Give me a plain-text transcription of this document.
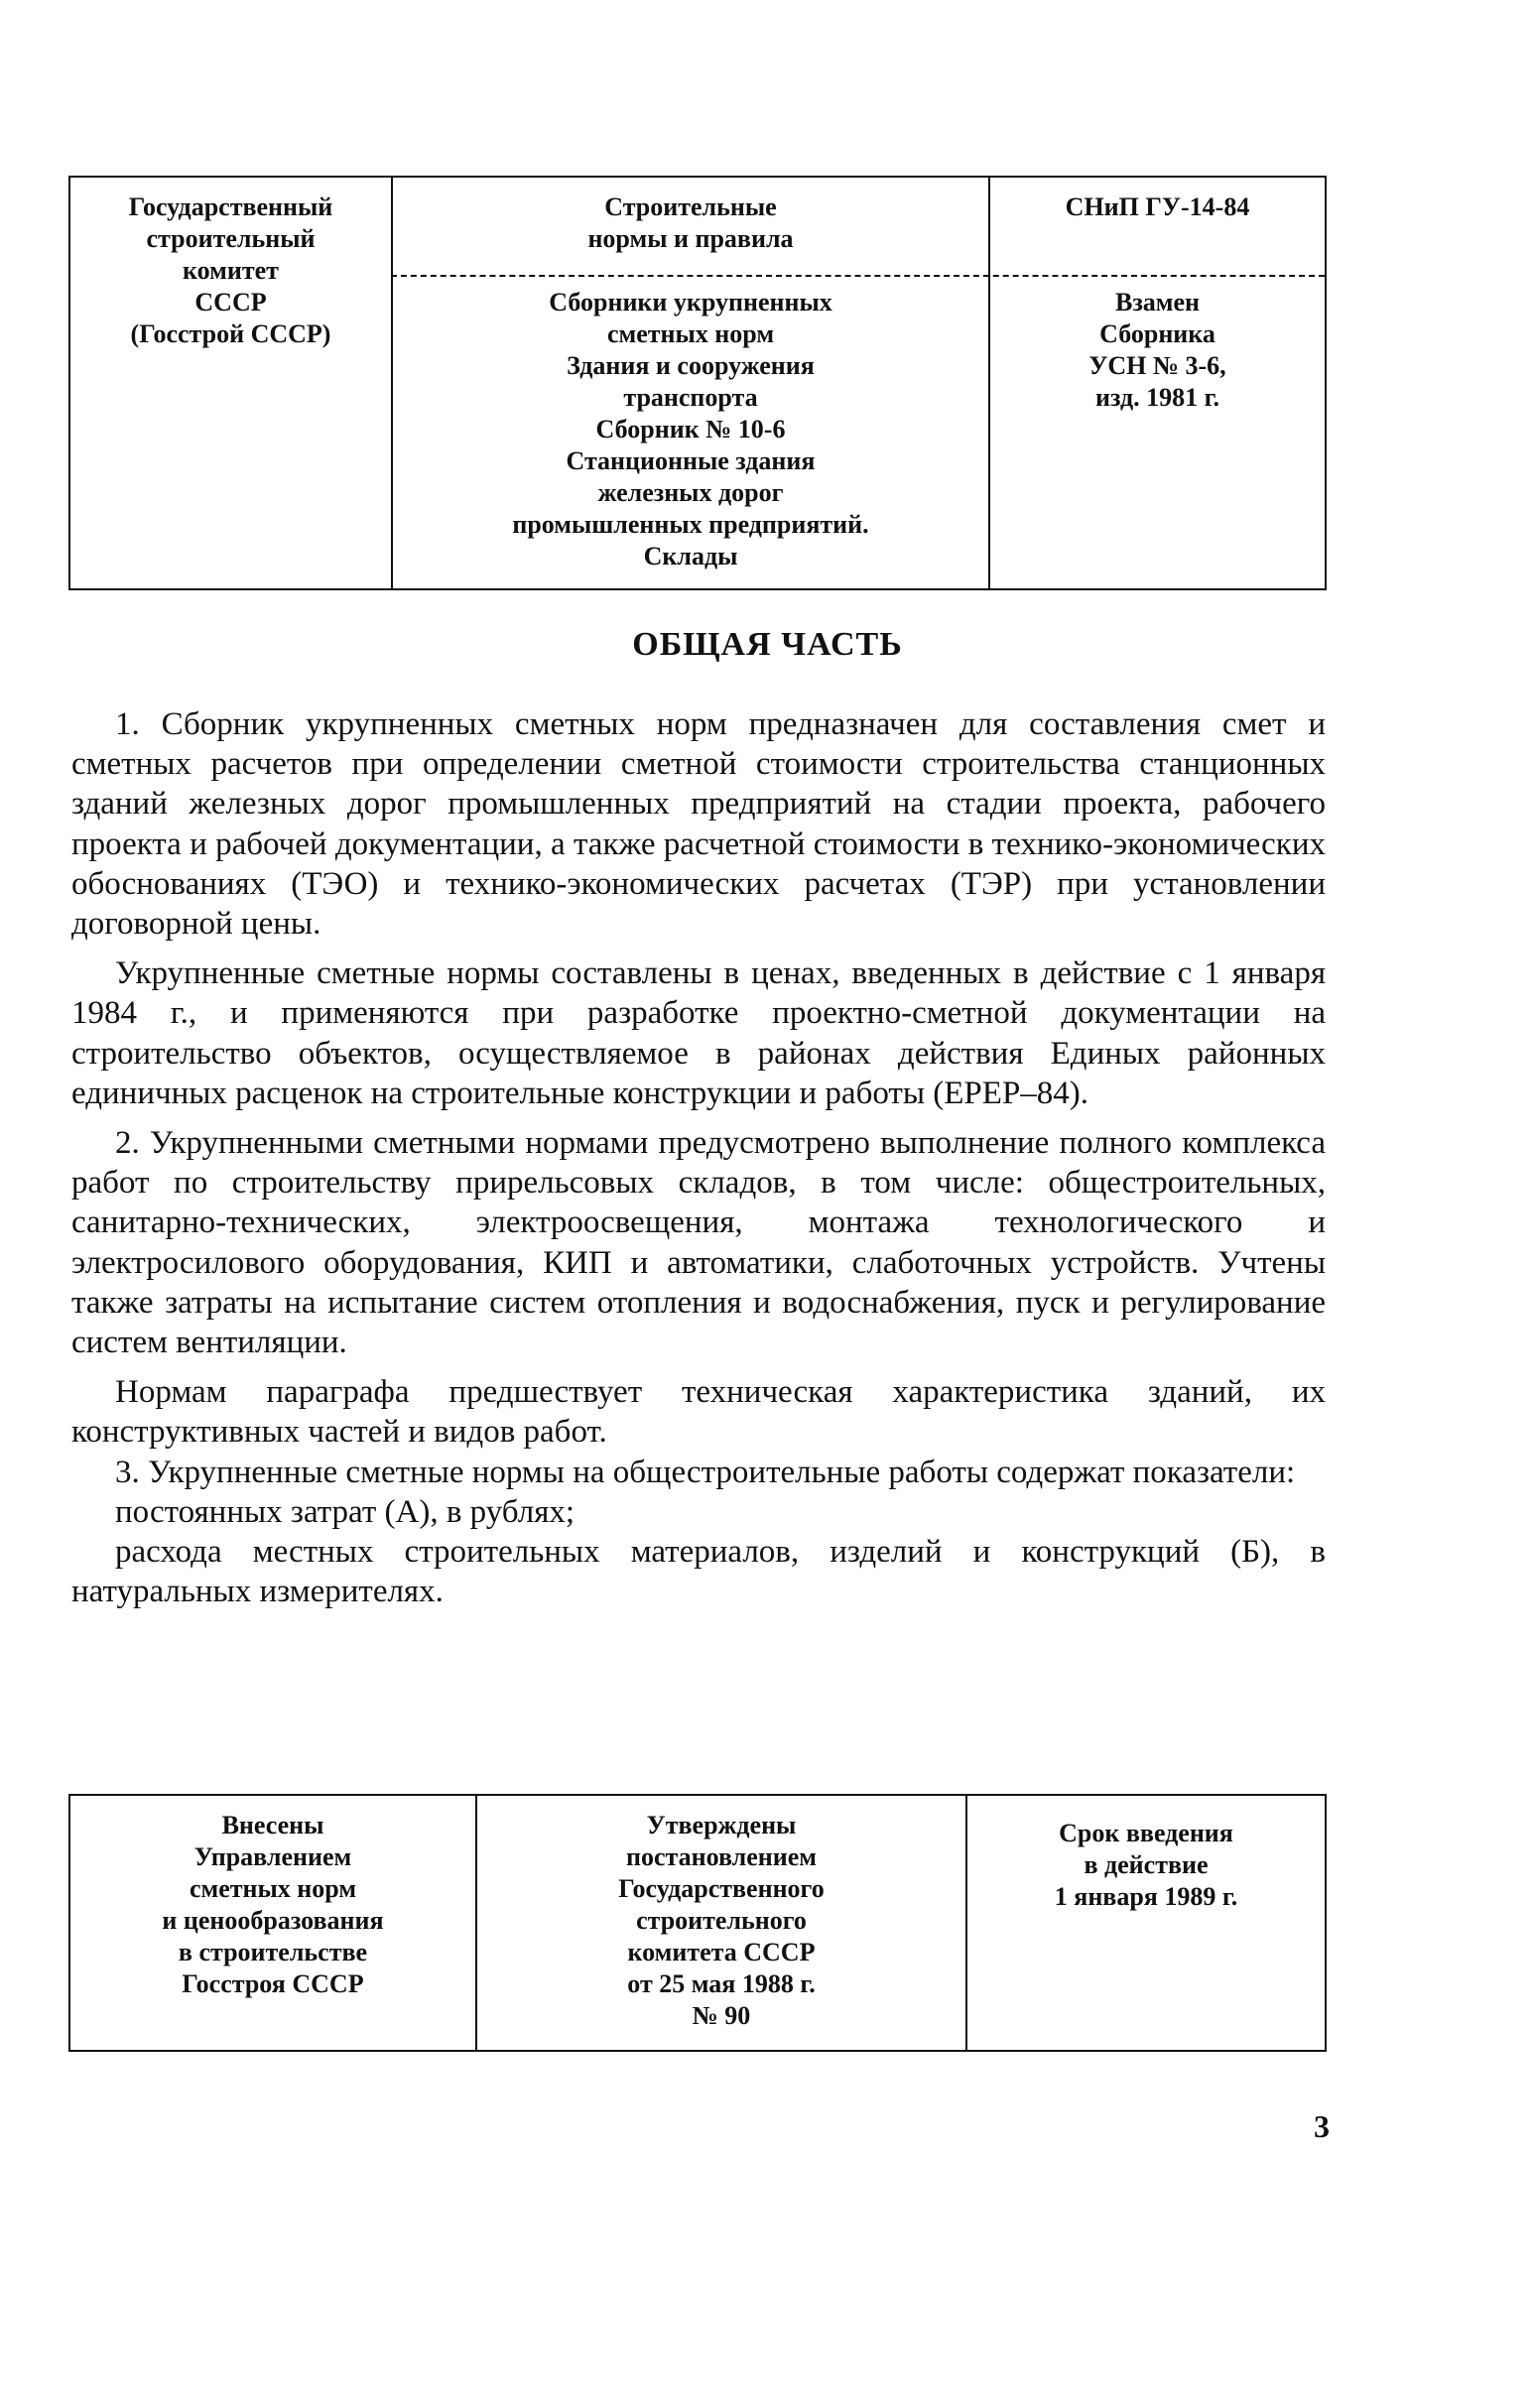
Государственный
строительный
комитет
СССР
(Госстрой СССР)
Строительные
нормы и правила
Сборники укрупненных
сметных норм
Здания и сооружения
транспорта
Сборник № 10-6
Станционные здания
железных дорог
промышленных предприятий.
Склады
СНиП ГУ-14-84
Взамен
Сборника
УСН № 3-6,
изд. 1981 г.
ОБЩАЯ ЧАСТЬ

1. Сборник укрупненных сметных норм предназначен для составления смет и сметных расчетов при определении сметной стоимости строительства станционных зданий железных дорог промышленных предприятий на стадии проекта, рабочего проекта и рабочей документации, а также расчетной стоимости в технико-экономических обоснованиях (ТЭО) и технико-экономических расчетах (ТЭР) при установлении договорной цены.

Укрупненные сметные нормы составлены в ценах, введенных в действие с 1 января 1984 г., и применяются при разработке проектно-сметной документации на строительство объектов, осуществляемое в районах действия Единых районных единичных расценок на строительные конструкции и работы (ЕРЕР–84).

2. Укрупненными сметными нормами предусмотрено выполнение полного комплекса работ по строительству прирельсовых складов, в том числе: общестроительных, санитарно-технических, электроосвещения, монтажа технологического и электросилового оборудования, КИП и автоматики, слаботочных устройств. Учтены также затраты на испытание систем отопления и водоснабжения, пуск и регулирование систем вентиляции.

Нормам параграфа предшествует техническая характеристика зданий, их конструктивных частей и видов работ.

3. Укрупненные сметные нормы на общестроительные работы содержат показатели:

постоянных затрат (А), в рублях;

расхода местных строительных материалов, изделий и конструкций (Б), в натуральных измерителях.

Внесены
Управлением
сметных норм
и ценообразования
в строительстве
Госстроя СССР
Утверждены
постановлением
Государственного
строительного
комитета СССР
от 25 мая 1988 г.
№ 90
Срок введения
в действие
1 января 1989 г.
3
